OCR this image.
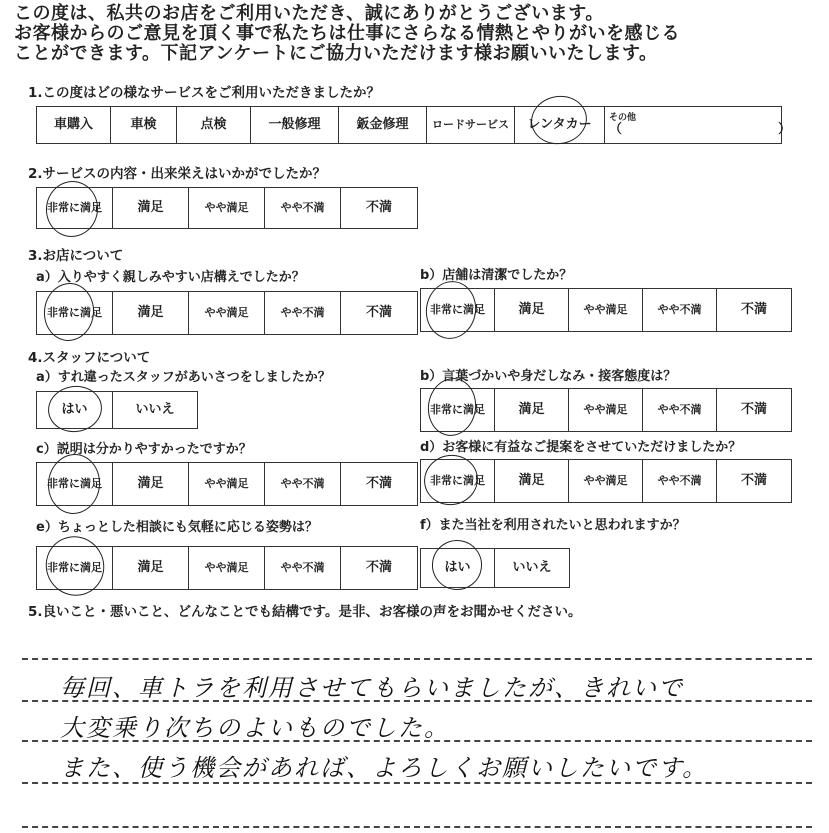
この度は、私共のお店をご利用いただき、誠にありがとうございます。
お客様からのご意見を頂く事で私たちは仕事にさらなる情熱とやりがいを感じる
ことができます。下記アンケートにご協力いただけます様お願いいたします。
1.この度はどの様なサービスをご利用いただきましたか？
車購入	車検	点検	一般修理	鈑金修理	ロードサービス	レンタカー	その他
（　　　　　　　　　　　　）
2.サービスの内容・出来栄えはいかがでしたか？
非常に満足	満足	やや満足	やや不満	不満
3.お店について
a）入りやすく親しみやすい店構えでしたか？	b）店舗は清潔でしたか？
非常に満足	満足	やや満足	やや不満	不満	非常に満足	満足	やや満足	やや不満	不満
4.スタッフについて
a）すれ違ったスタッフがあいさつをしましたか？	b）言葉づかいや身だしなみ・接客態度は？
はい	いいえ	非常に満足	満足	やや満足	やや不満	不満
c）説明は分かりやすかったですか？	d）お客様に有益なご提案をさせていただけましたか？
非常に満足	満足	やや満足	やや不満	不満	非常に満足	満足	やや満足	やや不満	不満
e）ちょっとした相談にも気軽に応じる姿勢は？	f）また当社を利用されたいと思われますか？
非常に満足	満足	やや満足	やや不満	不満	はい	いいえ
5.良いこと・悪いこと、どんなことでも結構です。是非、お客様の声をお聞かせください。
毎回、車トラを利用させてもらいましたが、きれいで
大変乗り次ちのよいものでした。
また、使う機会があれば、よろしくお願いしたいです。
